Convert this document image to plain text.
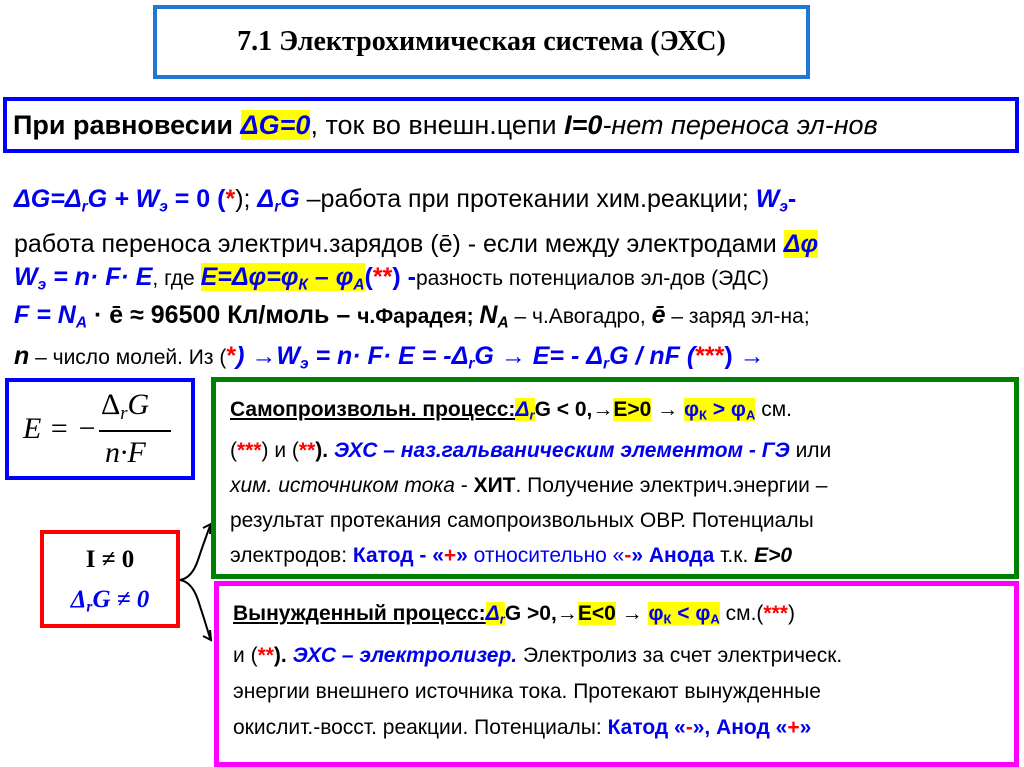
7.1 Электрохимическая система (ЭХС)
При равновесии ΔG=0, ток во внешн.цепи I=0-нет переноса эл-нов
$\Delta G=\Delta_rG + W_э = 0$ (*); $\Delta_rG$ –работа при протекании хим.реакции; $W_э-$
работа переноса электрич.зарядов (ē) - если между электродами Δφ
$W_э = n\cdot F\cdot E$, где $E=\Delta\varphi=\varphi_К - \varphi_А(**)$ -разность потенциалов эл-дов (ЭДС)
$F = N_A$ · ē ≈ 96500 Кл/моль – ч.Фарадея; $N_A$ – ч.Авогадро, ē – заряд эл-на;
n – число молей. Из (*) $\to W_э = n\cdot F\cdot E = -\Delta_rG \to E= - \Delta_rG$ / nF (***) →
E = −
$\Delta_rG$
n·F
I ≠ 0
$\Delta_rG \ne 0$
Самопроизвольн. $процесс:\Delta_rG < 0,\to E>0 \to \varphi_К > \varphi_А$ см.
(***) и (**). ЭХС – наз.гальваническим элементом - ГЭ или
хим. источником тока - ХИТ. Получение электрич.энергии –
результат протекания самопроизвольных ОВР. Потенциалы
электродов: Катод - «+» относительно «-» Анода т.к. E>0
Вынужденный $процесс:\Delta_rG >0,\to E<0 \to \varphi_К < \varphi_А$ см.(***)
и (**). ЭХС – электролизер. Электролиз за счет электрическ.
энергии внешнего источника тока. Протекают вынужденные
окислит.-восст. реакции. Потенциалы: Катод «-», Анод «+»
